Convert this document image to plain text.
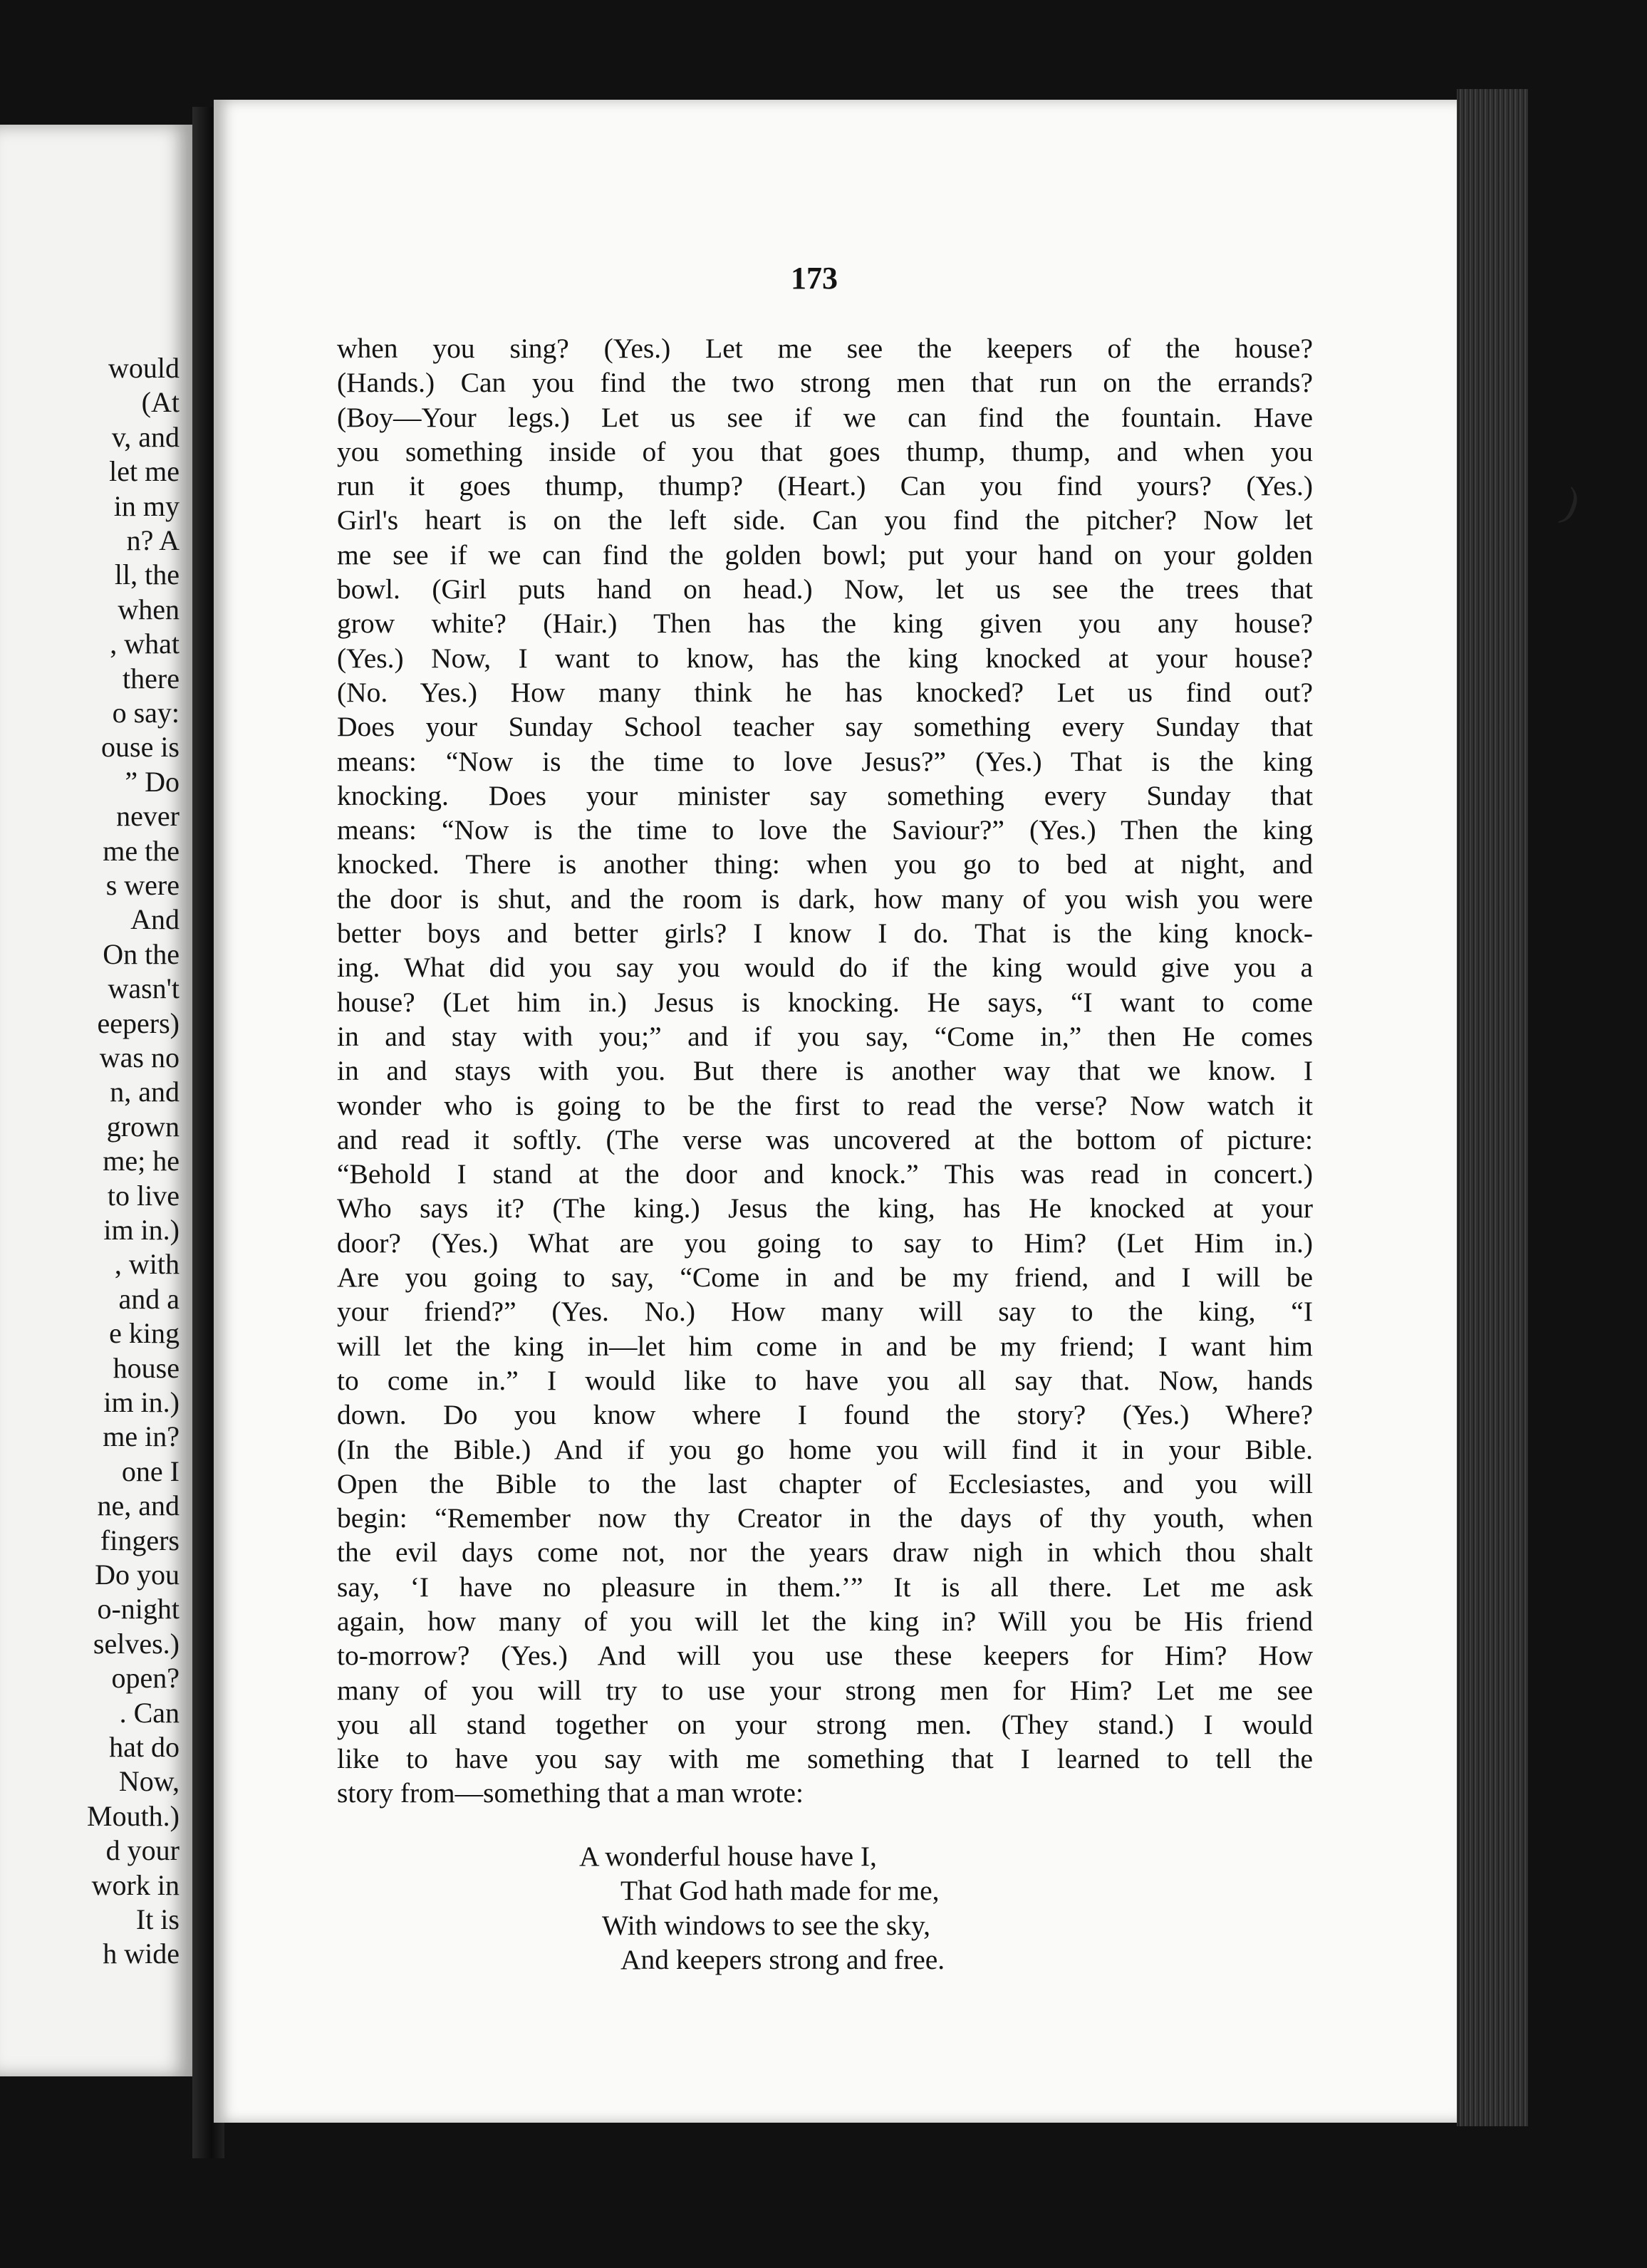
would
(At
v, and
let me
in my
n? A
ll, the
when
, what
there
o say:
ouse is
” Do
never
me the
s were
And
On the
wasn't
eepers)
was no
n, and
grown
me; he
to live
im in.)
, with
and a
e king
house
im in.)
me in?
one I
ne, and
fingers
Do you
o-night
selves.)
open?
. Can
hat do
Now,
Mouth.)
d your
work in
It is
h wide
173
when you sing? (Yes.) Let me see the keepers of the house?
(Hands.) Can you find the two strong men that run on the errands?
(Boy—Your legs.) Let us see if we can find the fountain. Have
you something inside of you that goes thump, thump, and when you
run it goes thump, thump? (Heart.) Can you find yours? (Yes.)
Girl's heart is on the left side. Can you find the pitcher? Now let
me see if we can find the golden bowl; put your hand on your golden
bowl. (Girl puts hand on head.) Now, let us see the trees that
grow white? (Hair.) Then has the king given you any house?
(Yes.) Now, I want to know, has the king knocked at your house?
(No. Yes.) How many think he has knocked? Let us find out?
Does your Sunday School teacher say something every Sunday that
means: “Now is the time to love Jesus?” (Yes.) That is the king
knocking. Does your minister say something every Sunday that
means: “Now is the time to love the Saviour?” (Yes.) Then the king
knocked. There is another thing: when you go to bed at night, and
the door is shut, and the room is dark, how many of you wish you were
better boys and better girls? I know I do. That is the king knock-
ing. What did you say you would do if the king would give you a
house? (Let him in.) Jesus is knocking. He says, “I want to come
in and stay with you;” and if you say, “Come in,” then He comes
in and stays with you. But there is another way that we know. I
wonder who is going to be the first to read the verse? Now watch it
and read it softly. (The verse was uncovered at the bottom of picture:
“Behold I stand at the door and knock.” This was read in concert.)
Who says it? (The king.) Jesus the king, has He knocked at your
door? (Yes.) What are you going to say to Him? (Let Him in.)
Are you going to say, “Come in and be my friend, and I will be
your friend?” (Yes. No.) How many will say to the king, “I
will let the king in—let him come in and be my friend; I want him
to come in.” I would like to have you all say that. Now, hands
down. Do you know where I found the story? (Yes.) Where?
(In the Bible.) And if you go home you will find it in your Bible.
Open the Bible to the last chapter of Ecclesiastes, and you will
begin: “Remember now thy Creator in the days of thy youth, when
the evil days come not, nor the years draw nigh in which thou shalt
say, ‘I have no pleasure in them.’” It is all there. Let me ask
again, how many of you will let the king in? Will you be His friend
to-morrow? (Yes.) And will you use these keepers for Him? How
many of you will try to use your strong men for Him? Let me see
you all stand together on your strong men. (They stand.) I would
like to have you say with me something that I learned to tell the
story from—something that a man wrote:
A wonderful house have I,
That God hath made for me,
With windows to see the sky,
And keepers strong and free.
)
